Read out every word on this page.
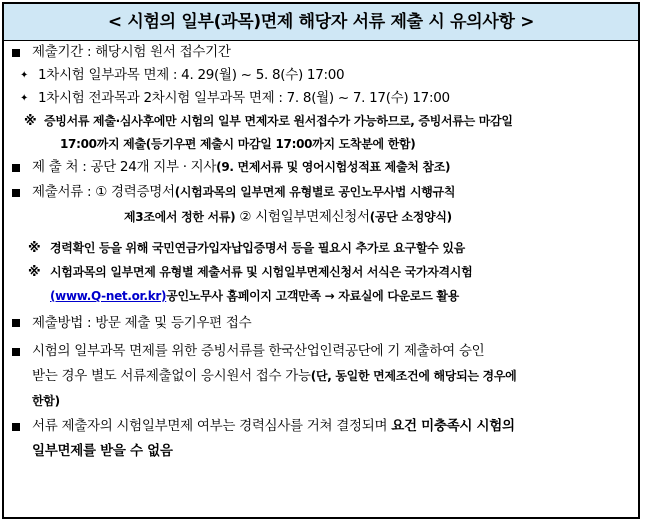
< 시험의 일부(과목)면제 해당자 서류 제출 시 유의사항 >
제출기간 : 해당시험 원서 접수기간
✦ 1차시험 일부과목 면제 : 4. 29(월) ~ 5. 8(수) 17:00
✦ 1차시험 전과목과 2차시험 일부과목 면제 : 7. 8(월) ~ 7. 17(수) 17:00
※ 증빙서류 제출·심사후에만 시험의 일부 면제자로 원서접수가 가능하므로, 증빙서류는 마감일
17:00까지 제출(등기우편 제출시 마감일 17:00까지 도착분에 한함)
제 출 처 : 공단 24개 지부 · 지사(9. 면제서류 및 영어시험성적표 제출처 참조)
제출서류 : ① 경력증명서(시험과목의 일부면제 유형별로 공인노무사법 시행규칙
제3조에서 정한 서류) ② 시험일부면제신청서(공단 소정양식)
※ 경력확인 등을 위해 국민연금가입자납입증명서 등을 필요시 추가로 요구할수 있음
※ 시험과목의 일부면제 유형별 제출서류 및 시험일부면제신청서 서식은 국가자격시험
(www.Q-net.or.kr)공인노무사 홈페이지 고객만족 → 자료실에 다운로드 활용
제출방법 : 방문 제출 및 등기우편 접수
시험의 일부과목 면제를 위한 증빙서류를 한국산업인력공단에 기 제출하여 승인
받는 경우 별도 서류제출없이 응시원서 접수 가능(단, 동일한 면제조건에 해당되는 경우에
한함)
서류 제출자의 시험일부면제 여부는 경력심사를 거쳐 결정되며 요건 미충족시 시험의
일부면제를 받을 수 없음
